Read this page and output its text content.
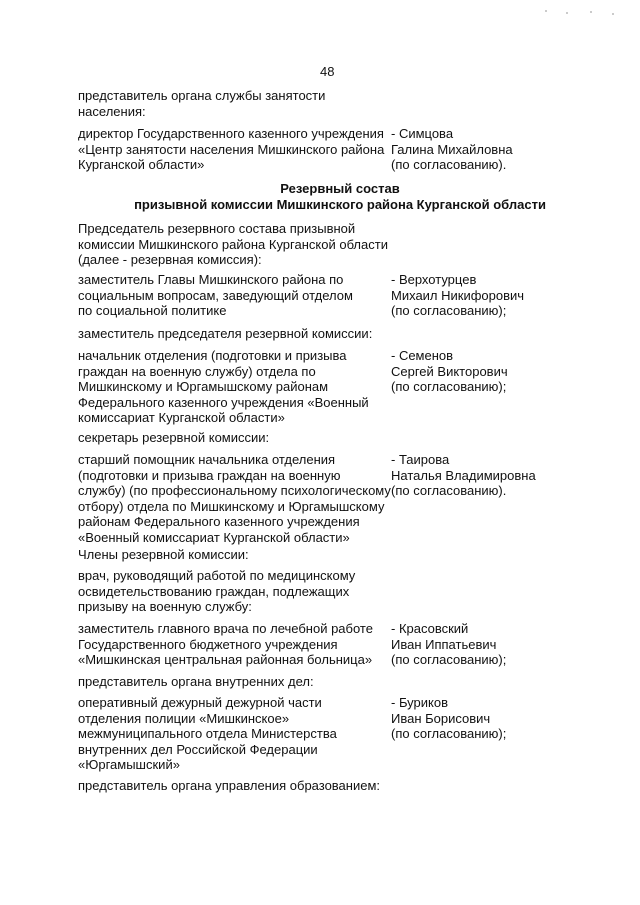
48
представитель органа службы занятости
населения:
директор Государственного казенного учреждения
«Центр занятости населения Мишкинского района
Курганской области»
- Симцова
Галина Михайловна
(по согласованию).
Резервный состав
призывной комиссии Мишкинского района Курганской области
Председатель резервного состава призывной
комиссии Мишкинского района Курганской области
(далее - резервная комиссия):
заместитель Главы Мишкинского района по
социальным вопросам, заведующий отделом
по социальной политике
- Верхотурцев
Михаил Никифорович
(по согласованию);
заместитель председателя резервной комиссии:
начальник отделения (подготовки и призыва
граждан на военную службу) отдела по
Мишкинскому и Юргамышскому районам
Федерального казенного учреждения «Военный
комиссариат Курганской области»
- Семенов
Сергей Викторович
(по согласованию);
секретарь резервной комиссии:
старший помощник начальника отделения
(подготовки и призыва граждан на военную
службу) (по профессиональному психологическому
отбору) отдела по Мишкинскому и Юргамышскому
районам Федерального казенного учреждения
«Военный комиссариат Курганской области»
- Таирова
Наталья Владимировна
(по согласованию).
Члены резервной комиссии:
врач, руководящий работой по медицинскому
освидетельствованию граждан, подлежащих
призыву на военную службу:
заместитель главного врача по лечебной работе
Государственного бюджетного учреждения
«Мишкинская центральная районная больница»
- Красовский
Иван Иппатьевич
(по согласованию);
представитель органа внутренних дел:
оперативный дежурный дежурной части
отделения полиции «Мишкинское»
межмуниципального отдела Министерства
внутренних дел Российской Федерации
«Юргамышский»
- Буриков
Иван Борисович
(по согласованию);
представитель органа управления образованием:
